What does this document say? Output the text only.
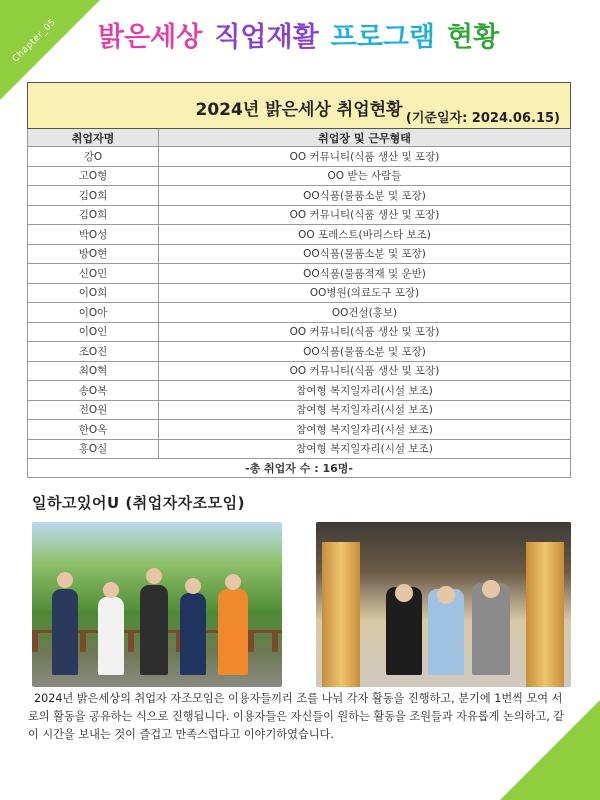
Chapter_05 밝은세상 직업재활 프로그램 현황
2024년 밝은세상 취업현황 (기준일자: 2024.06.15)	

취업자명	취업장 및 근무형태
강O	OO 커뮤니티(식품 생산 및 포장)
고O형	OO 받는 사람들
김O희	OO식품(물품소분 및 포장)
김O희	OO 커뮤니티(식품 생산 및 포장)
박O성	OO 포레스트(바리스타 보조)
방O현	OO식품(물품소분 및 포장)
신O민	OO식품(물품적재 및 운반)
이O희	OO병원(의료도구 포장)
이O아	OO건설(홍보)
이O인	OO 커뮤니티(식품 생산 및 포장)
조O진	OO식품(물품소분 및 포장)
최O혁	OO 커뮤니티(식품 생산 및 포장)
송O복	참여형 복지일자리(시설 보조)
전O원	참여형 복지일자리(시설 보조)
한O옥	참여형 복지일자리(시설 보조)
홍O실	참여형 복지일자리(시설 보조)
-총 취업자 수 : 16명-	
일하고있어U (취업자자조모임)

2024년 밝은세상의 취업자 자조모임은 이용자들끼리 조를 나눠 각자 활동을 진행하고, 분기에 1번씩 모여 서로의 활동을 공유하는 식으로 진행됩니다. 이용자들은 자신들이 원하는 활동을 조원들과 자유롭게 논의하고, 같이 시간을 보내는 것이 즐겁고 만족스럽다고 이야기하였습니다.
